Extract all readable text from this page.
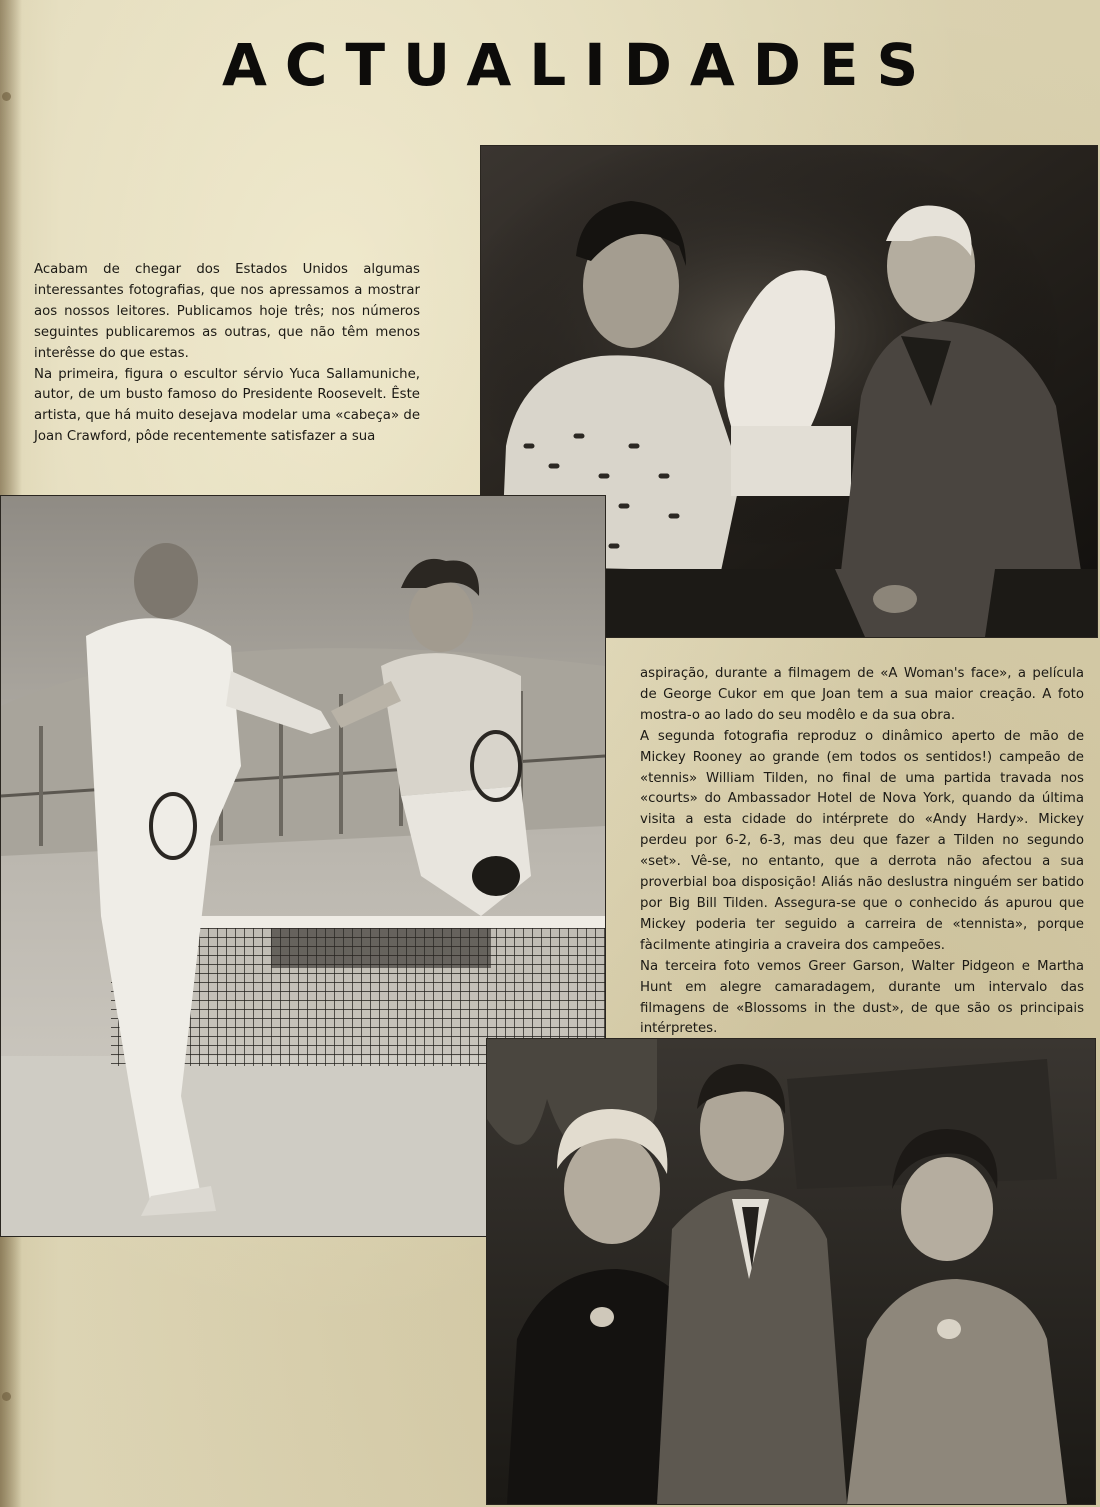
ACTUALIDADES

Acabam de chegar dos Estados Unidos algumas interessantes fotografias, que nos apressamos a mostrar aos nossos leitores. Publicamos hoje três; nos números seguintes publicaremos as outras, que não têm menos interêsse do que estas.

Na primeira, figura o escultor sérvio Yuca Sallamuniche, autor, de um busto famoso do Presidente Roosevelt. Êste artista, que há muito desejava modelar uma «cabeça» de Joan Crawford, pôde recentemente satisfazer a sua

aspiração, durante a filmagem de «A Woman's face», a película de George Cukor em que Joan tem a sua maior creação. A foto mostra-o ao lado do seu modêlo e da sua obra.

A segunda fotografia reproduz o dinâmico aperto de mão de Mickey Rooney ao grande (em todos os sentidos!) campeão de «tennis» William Tilden, no final de uma partida travada nos «courts» do Ambassador Hotel de Nova York, quando da última visita a esta cidade do intérprete do «Andy Hardy». Mickey perdeu por 6-2, 6-3, mas deu que fazer a Tilden no segundo «set». Vê-se, no entanto, que a derrota não afectou a sua proverbial boa disposição! Aliás não deslustra ninguém ser batido por Big Bill Tilden. Assegura-se que o conhecido ás apurou que Mickey poderia ter seguido a carreira de «tennista», porque fàcilmente atingiria a craveira dos campeões.

Na terceira foto vemos Greer Garson, Walter Pidgeon e Martha Hunt em alegre camaradagem, durante um intervalo das filmagens de «Blossoms in the dust», de que são os principais intérpretes.
